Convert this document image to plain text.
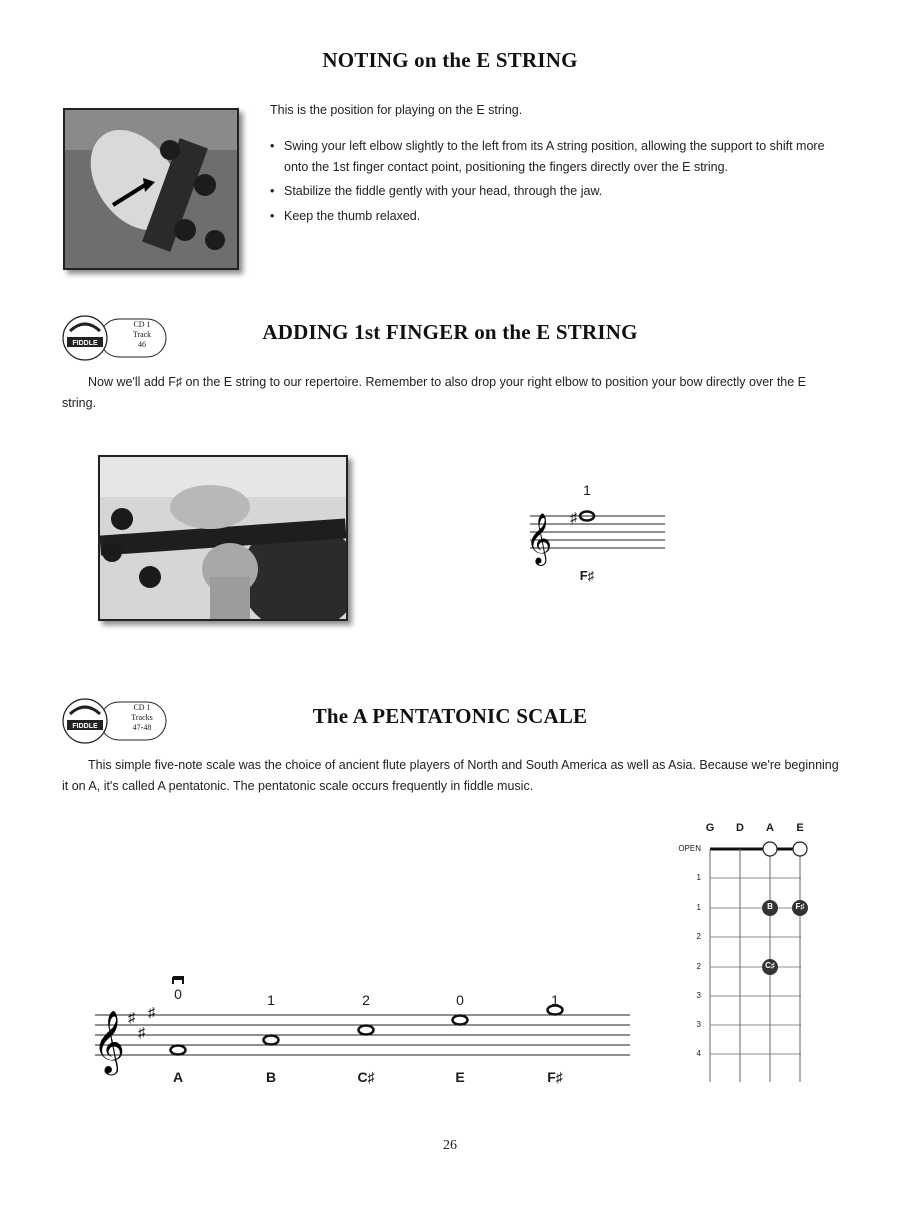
NOTING on the E STRING
This is the position for playing on the E string.
• Swing your left elbow slightly to the left from its A string position, allowing the support to shift more onto the 1st finger contact point, positioning the fingers directly over the E string.
• Stabilize the fiddle gently with your head, through the jaw.
• Keep the thumb relaxed.
FIDDLE
CD 1
Track
46
ADDING 1st FINGER on the E STRING
Now we'll add F♯ on the E string to our repertoire. Remember to also drop your right elbow to position your bow directly over the E string.
𝄞 ♯
1
F♯
FIDDLE
CD 1
Tracks
47-48	The A PENTATONIC SCALE
This simple five-note scale was the choice of ancient flute players of North and South America as well as Asia. Because we're beginning it on A, it's called A pentatonic. The pentatonic scale occurs frequently in fiddle music.
𝄞 ♯
♯
♯
0	1	2	0	1
A	B	C♯	E	F♯
G	D	A	E
OPEN
1
1
2
2
3
3
4
B	F♯
C♯
26
